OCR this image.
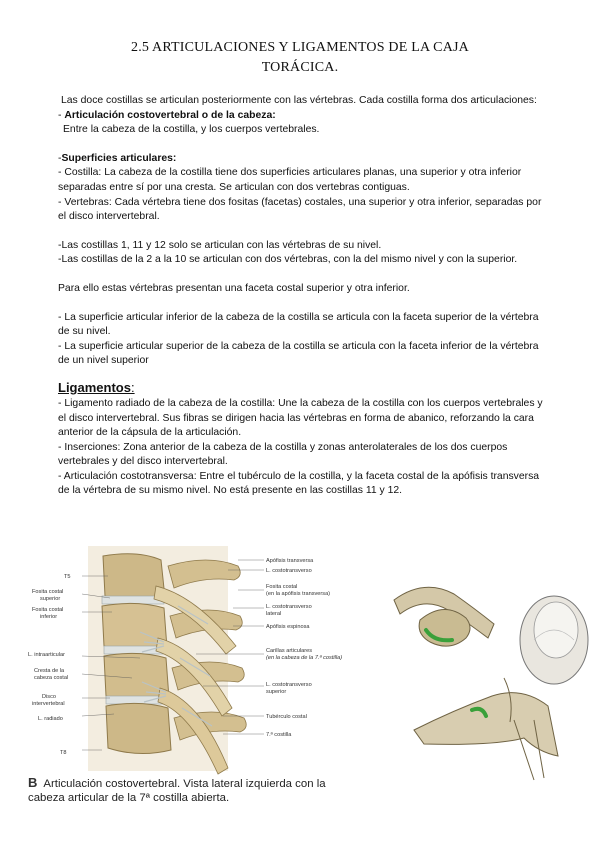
2.5 ARTICULACIONES Y LIGAMENTOS DE LA CAJA
TORÁCICA.

Las doce costillas se articulan posteriormente con las vértebras. Cada costilla forma dos articulaciones:

- Articulación costovertebral o de la cabeza:

Entre la cabeza de la costilla, y los cuerpos vertebrales.

-Superficies articulares:

- Costilla: La cabeza de la costilla tiene dos superficies articulares planas, una superior y otra inferior separadas entre sí por una cresta. Se articulan con dos vertebras contiguas.

- Vertebras: Cada vértebra tiene dos fositas (facetas) costales, una superior y otra inferior, separadas por el disco intervertebral.

-Las costillas 1, 11 y 12 solo se articulan con las vértebras de su nivel.

-Las costillas de la 2 a la 10 se articulan con dos vértebras, con la del mismo nivel y con la superior.

Para ello estas vértebras presentan una faceta costal superior y otra inferior.

- La superficie articular inferior de la cabeza de la costilla se articula con la faceta superior de la vértebra de su nivel.

- La superficie articular superior de la cabeza de la costilla se articula con la faceta inferior de la vértebra de un nivel superior

Ligamentos:

- Ligamento radiado de la cabeza de la costilla: Une la cabeza de la costilla con los cuerpos vertebrales y el disco intervertebral. Sus fibras se dirigen hacia las vértebras en forma de abanico, reforzando la cara anterior de la cápsula de la articulación.

- Inserciones: Zona anterior de la cabeza de la costilla y zonas anterolaterales de los dos cuerpos vertebrales y del disco intervertebral.

- Articulación costotransversa: Entre el tubérculo de la costilla, y la faceta costal de la apófisis transversa de la vértebra de su mismo nivel. No está presente en las costillas 11 y 12.

T5
Fosita costal
superior
Fosita costal
inferior
L. intraarticular
Cresta de la
cabeza costal
Disco
intervertebral
L. radiado
T8
Apófisis transversa
L. costotransverso
Fosita costal
(en la apófisis transversa)
L. costotransverso
lateral
Apófisis espinosa
Carillas articulares
(en la cabeza de la 7.ª costilla)
L. costotransverso
superior
Tubérculo costal
7.ª costilla
B Articulación costovertebral. Vista lateral izquierda con la cabeza articular de la 7ª costilla abierta.
